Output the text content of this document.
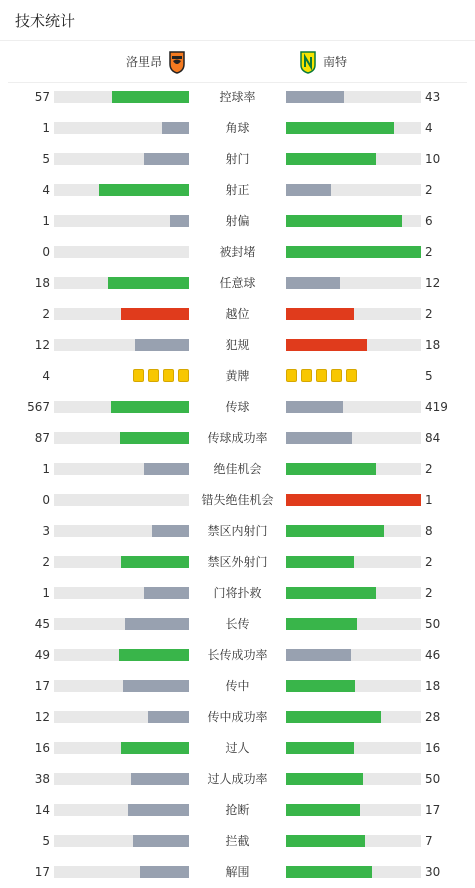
技术统计
洛里昂	南特
57	控球率	43
1	角球	4
5	射门	10
4	射正	2
1	射偏	6
0	被封堵	2
18	任意球	12
2	越位	2
12	犯规	18
4	黄牌	5
567	传球	419
87	传球成功率	84
1	绝佳机会	2
0	错失绝佳机会	1
3	禁区内射门	8
2	禁区外射门	2
1	门将扑救	2
45	长传	50
49	长传成功率	46
17	传中	18
12	传中成功率	28
16	过人	16
38	过人成功率	50
14	抢断	17
5	拦截	7
17	解围	30
